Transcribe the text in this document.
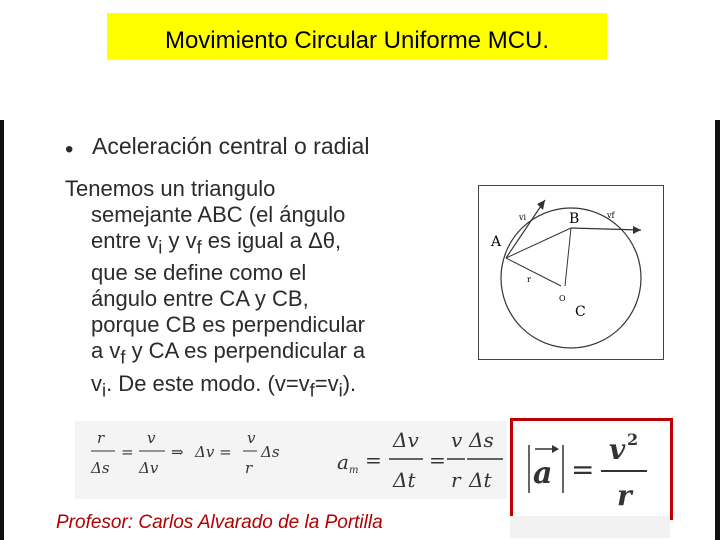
Movimiento Circular Uniforme MCU.
• Aceleración central o radial
Tenemos un triangulo
semejante ABC (el ángulo
entre $v_i$ y $v_f$ es igual a Δθ,
que se define como el
ángulo entre CA y CB,
porque CB es perpendicular
a $v_f$ y CA es perpendicular a
$v_i$. De este modo. $(v=v_f=v_i)$.
A
B
C
vi	vf
O
r
r
Δs
=
v
Δv
⇒ Δv =
v
r
Δs	a m =
Δv
Δt
=
v
r
Δs
Δt a =
v 2
r
Profesor: Carlos Alvarado de la Portilla
